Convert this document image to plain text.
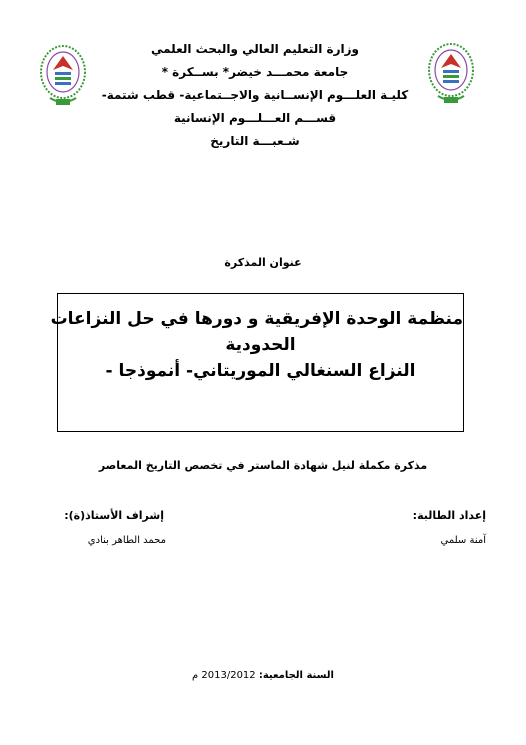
وزارة التعليم العالي والبحث العلمي
جامعة محمـــد خيضر* بســكرة *
كليـة العلـــوم الإنســانية والاجــتماعية- قطب شتمة-
قســـم العـــلـــوم الإنسانية
شـعبـــة التاريخ
عنوان المذكرة
منظمة الوحدة الإفريقية و دورها في حل النزاعات
الحدودية
النزاع السنغالي الموريتاني- أنموذجا -
مذكرة مكملة لنيل شهادة الماستر في تخصص التاريخ المعاصر
إعداد الطالبة:
آمنة سلمي
إشراف الأستاذ(ة):
محمد الطاهر بنادي
السنة الجامعية: 2013/2012 م
